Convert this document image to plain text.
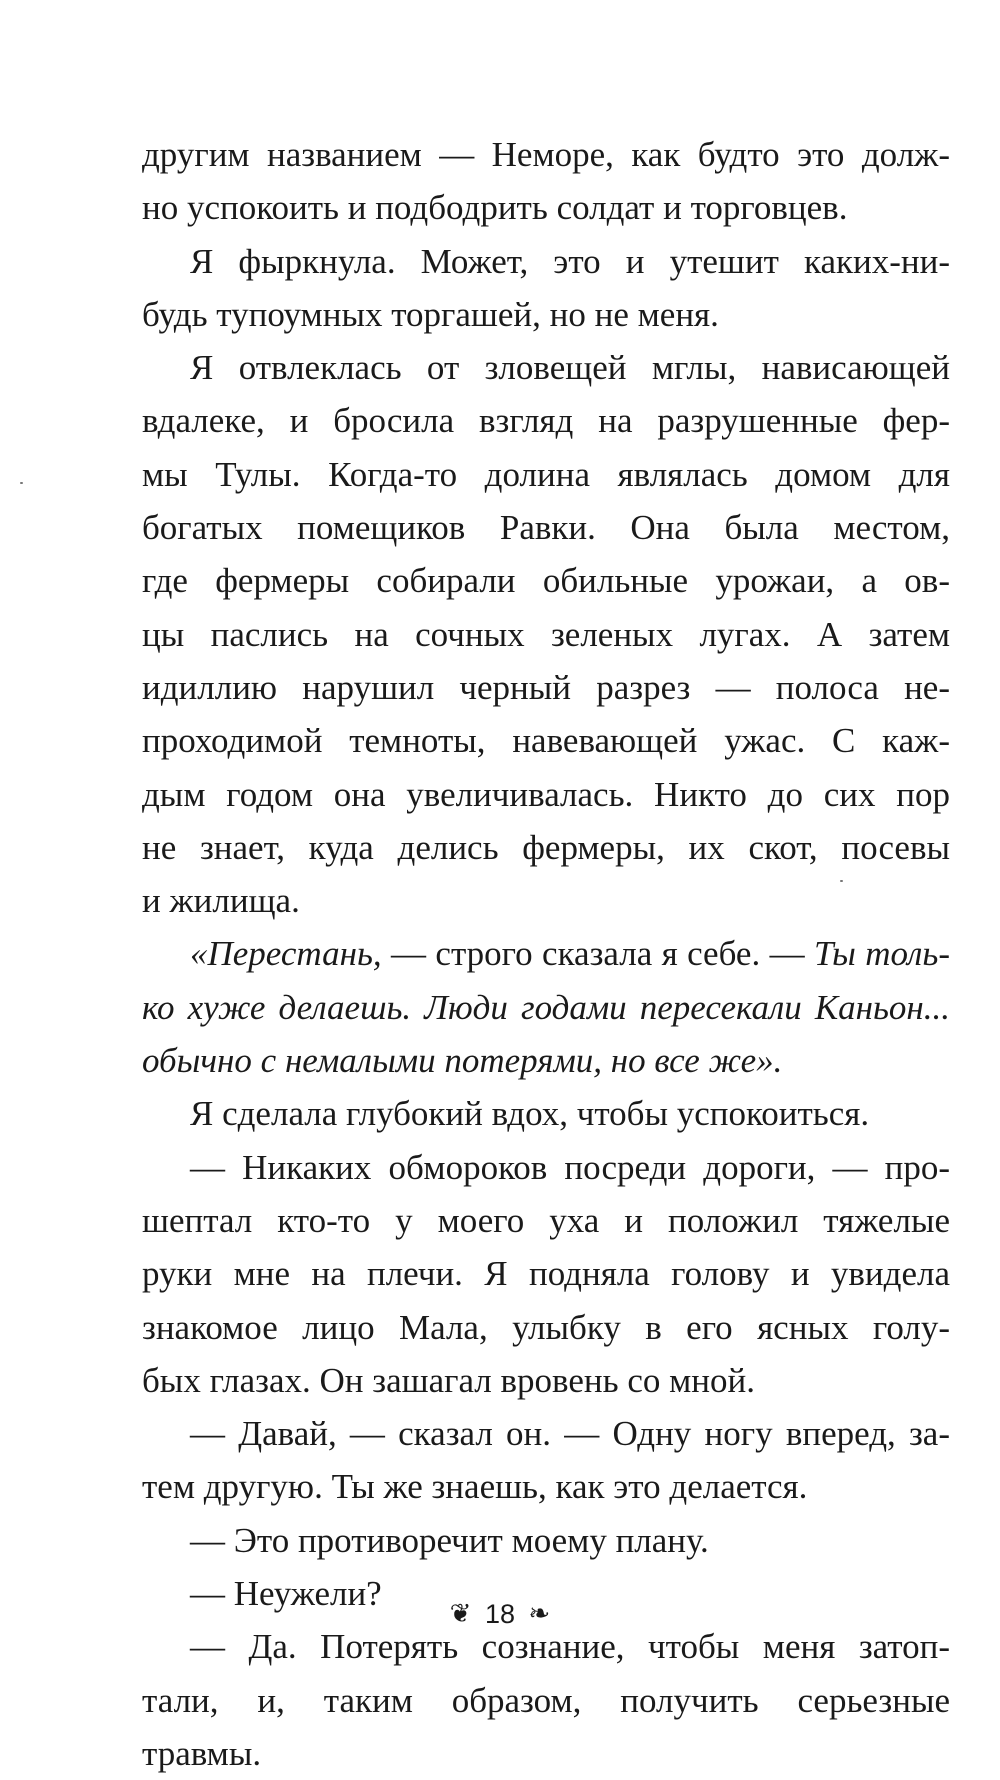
другим названием — Неморе, как будто это долж-
но успокоить и подбодрить солдат и торговцев.
Я фыркнула. Может, это и утешит каких-ни-
будь тупоумных торгашей, но не меня.
Я отвлеклась от зловещей мглы, нависающей
вдалеке, и бросила взгляд на разрушенные фер-
мы Тулы. Когда-то долина являлась домом для
богатых помещиков Равки. Она была местом,
где фермеры собирали обильные урожаи, а ов-
цы паслись на сочных зеленых лугах. А затем
идиллию нарушил черный разрез — полоса не-
проходимой темноты, навевающей ужас. С каж-
дым годом она увеличивалась. Никто до сих пор
не знает, куда делись фермеры, их скот, посевы
и жилища.
«Перестань, — строго сказала я себе. — Ты толь-
ко хуже делаешь. Люди годами пересекали Каньон...
обычно с немалыми потерями, но все же».
Я сделала глубокий вдох, чтобы успокоиться.
— Никаких обмороков посреди дороги, — про-
шептал кто-то у моего уха и положил тяжелые
руки мне на плечи. Я подняла голову и увидела
знакомое лицо Мала, улыбку в его ясных голу-
бых глазах. Он зашагал вровень со мной.
— Давай, — сказал он. — Одну ногу вперед, за-
тем другую. Ты же знаешь, как это делается.
— Это противоречит моему плану.
— Неужели?
— Да. Потерять сознание, чтобы меня затоп-
тали, и, таким образом, получить серьезные
травмы.
❦ 18 ❧
